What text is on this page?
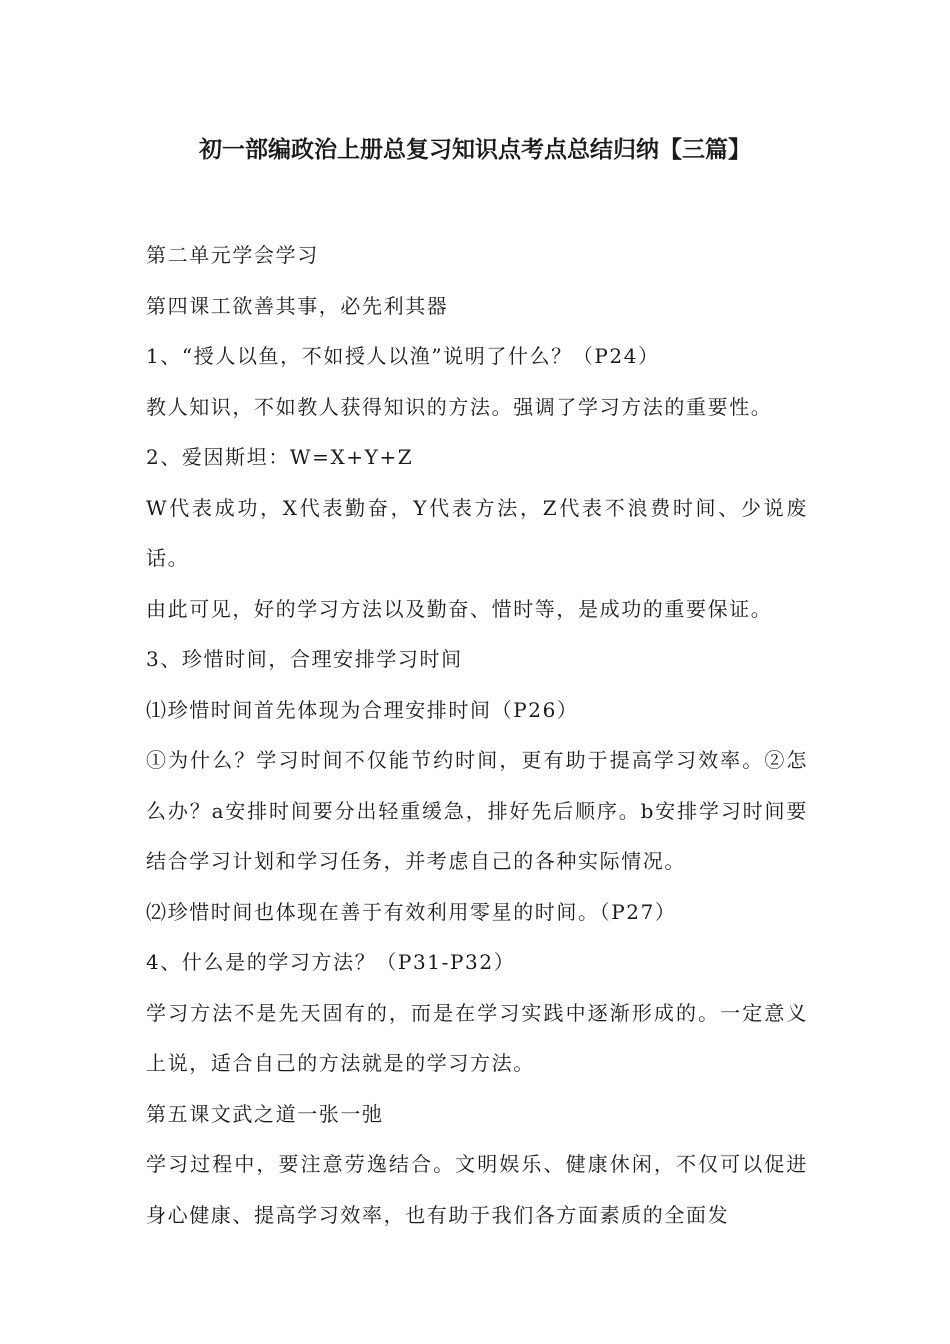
初一部编政治上册总复习知识点考点总结归纳【三篇】

第二单元学会学习

第四课工欲善其事，必先利其器

1、“授人以鱼，不如授人以渔”说明了什么？（P24）

教人知识，不如教人获得知识的方法。强调了学习方法的重要性。

2、爱因斯坦：W=X+Y+Z

W代表成功，X代表勤奋，Y代表方法，Z代表不浪费时间、少说废话。

由此可见，好的学习方法以及勤奋、惜时等，是成功的重要保证。

3、珍惜时间，合理安排学习时间

⑴珍惜时间首先体现为合理安排时间（P26）

①为什么？学习时间不仅能节约时间，更有助于提高学习效率。②怎么办？a安排时间要分出轻重缓急，排好先后顺序。b安排学习时间要结合学习计划和学习任务，并考虑自己的各种实际情况。

⑵珍惜时间也体现在善于有效利用零星的时间。（P27）

4、什么是的学习方法？（P31-P32）

学习方法不是先天固有的，而是在学习实践中逐渐形成的。一定意义上说，适合自己的方法就是的学习方法。

第五课文武之道一张一弛

学习过程中，要注意劳逸结合。文明娱乐、健康休闲，不仅可以促进身心健康、提高学习效率，也有助于我们各方面素质的全面发
